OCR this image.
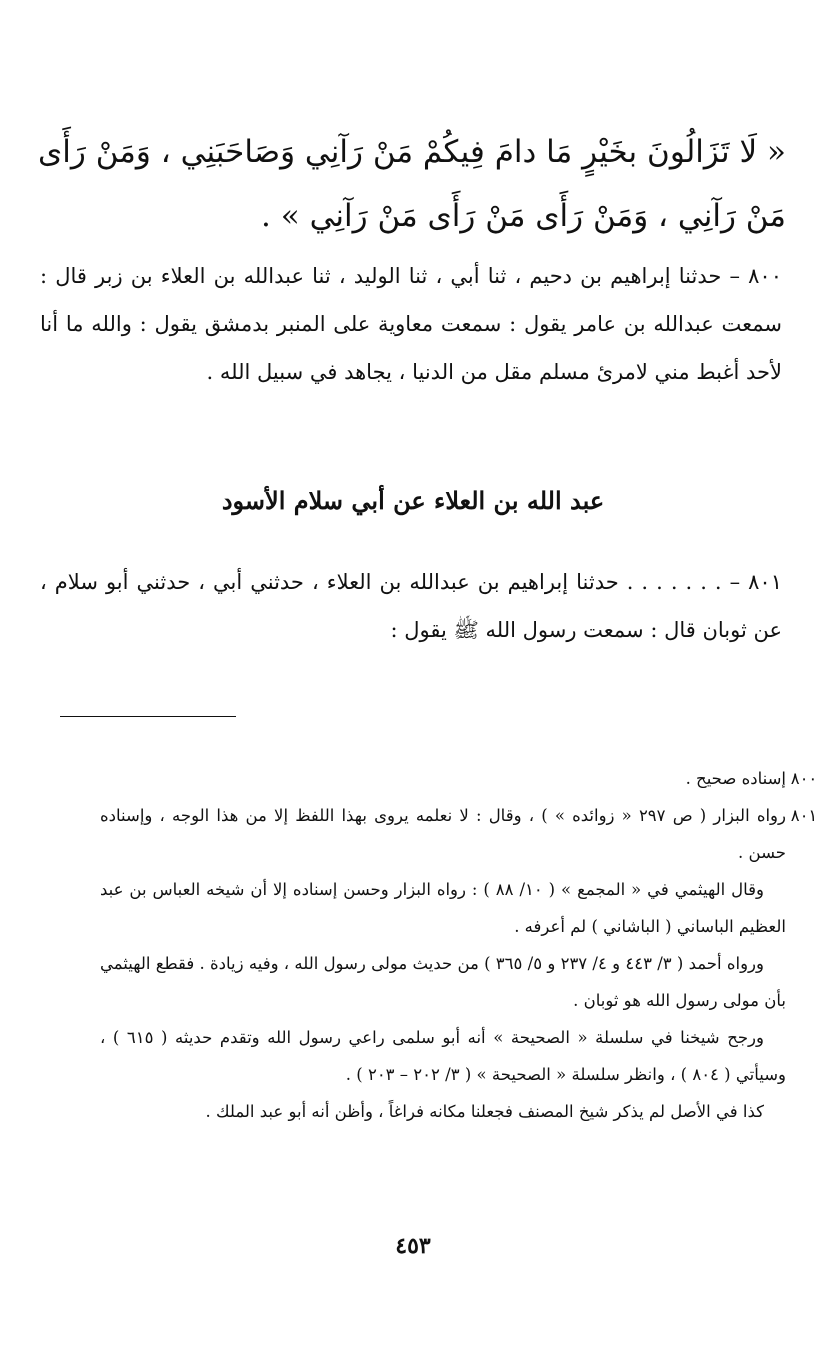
« لَا تَزَالُونَ بخَيْرٍ مَا دامَ فِيكُمْ مَنْ رَآنِي وَصَاحَبَنِي ، وَمَنْ رَأَى مَنْ رَآنِي ، وَمَنْ رَأَى مَنْ رَأَى مَنْ رَآنِي » .
٨٠٠ – حدثنا إبراهيم بن دحيم ، ثنا أبي ، ثنا الوليد ، ثنا عبدالله بن العلاء بن زبر قال : سمعت عبدالله بن عامر يقول : سمعت معاوية على المنبر بدمشق يقول : والله ما أنا لأحد أغبط مني لامرئ مسلم مقل من الدنيا ، يجاهد في سبيل الله .
عبد الله بن العلاء عن أبي سلام الأسود
٨٠١ – . . . . . . . حدثنا إبراهيم بن عبدالله بن العلاء ، حدثني أبي ، حدثني أبو سلام ، عن ثوبان قال : سمعت رسول الله ﷺ يقول :
٨٠٠

إسناده صحيح .

٨٠١

رواه البزار ( ص ٢٩٧ « زوائده » ) ، وقال : لا نعلمه يروى بهذا اللفظ إلا من هذا الوجه ، وإسناده حسن .

وقال الهيثمي في « المجمع » ( ١٠/ ٨٨ ) : رواه البزار وحسن إسناده إلا أن شيخه العباس بن عبد العظيم الباساني ( الباشاني ) لم أعرفه .

ورواه أحمد ( ٣/ ٤٤٣ و ٤/ ٢٣٧ و ٥/ ٣٦٥ ) من حديث مولى رسول الله ، وفيه زيادة . فقطع الهيثمي بأن مولى رسول الله هو ثوبان .

ورجح شيخنا في سلسلة « الصحيحة » أنه أبو سلمى راعي رسول الله وتقدم حديثه ( ٦١٥ ) ، وسيأتي ( ٨٠٤ ) ، وانظر سلسلة « الصحيحة » ( ٣/ ٢٠٢ – ٢٠٣ ) .

كذا في الأصل لم يذكر شيخ المصنف فجعلنا مكانه فراغاً ، وأظن أنه أبو عبد الملك .

٤٥٣
